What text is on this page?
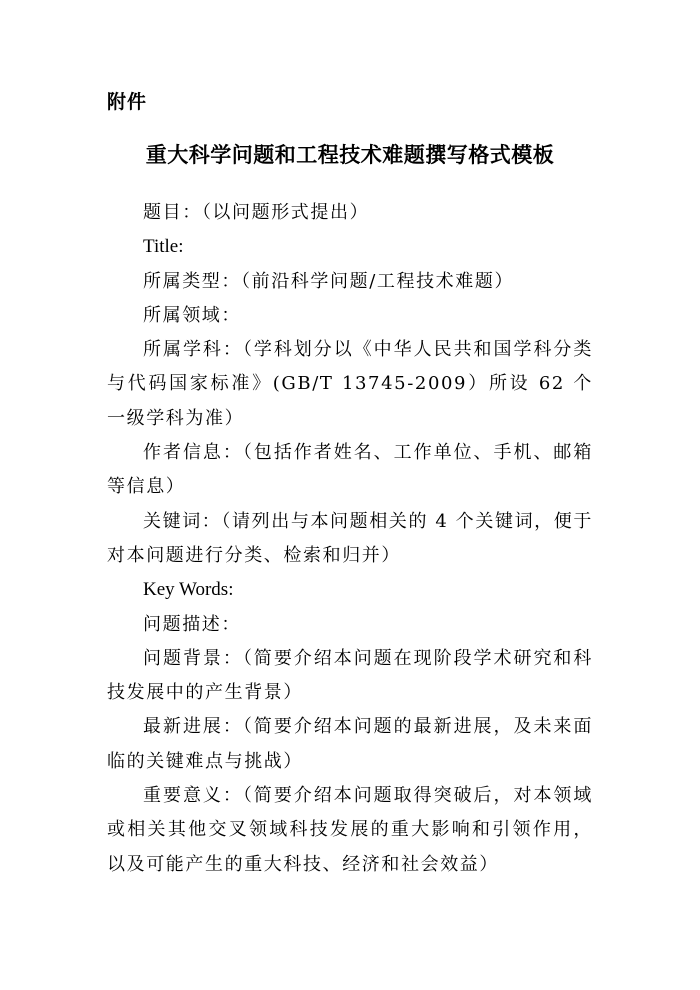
附件
重大科学问题和工程技术难题撰写格式模板

题目：（以问题形式提出）

Title:

所属类型：（前沿科学问题/工程技术难题）

所属领域：

所属学科：（学科划分以《中华人民共和国学科分类与代码国家标准》(GB/T 13745-2009）所设 62 个一级学科为准）

作者信息：（包括作者姓名、工作单位、手机、邮箱等信息）

关键词：（请列出与本问题相关的 4 个关键词，便于对本问题进行分类、检索和归并）

Key Words:

问题描述：

问题背景：（简要介绍本问题在现阶段学术研究和科技发展中的产生背景）

最新进展：（简要介绍本问题的最新进展，及未来面临的关键难点与挑战）

重要意义：（简要介绍本问题取得突破后，对本领域或相关其他交叉领域科技发展的重大影响和引领作用，以及可能产生的重大科技、经济和社会效益）
